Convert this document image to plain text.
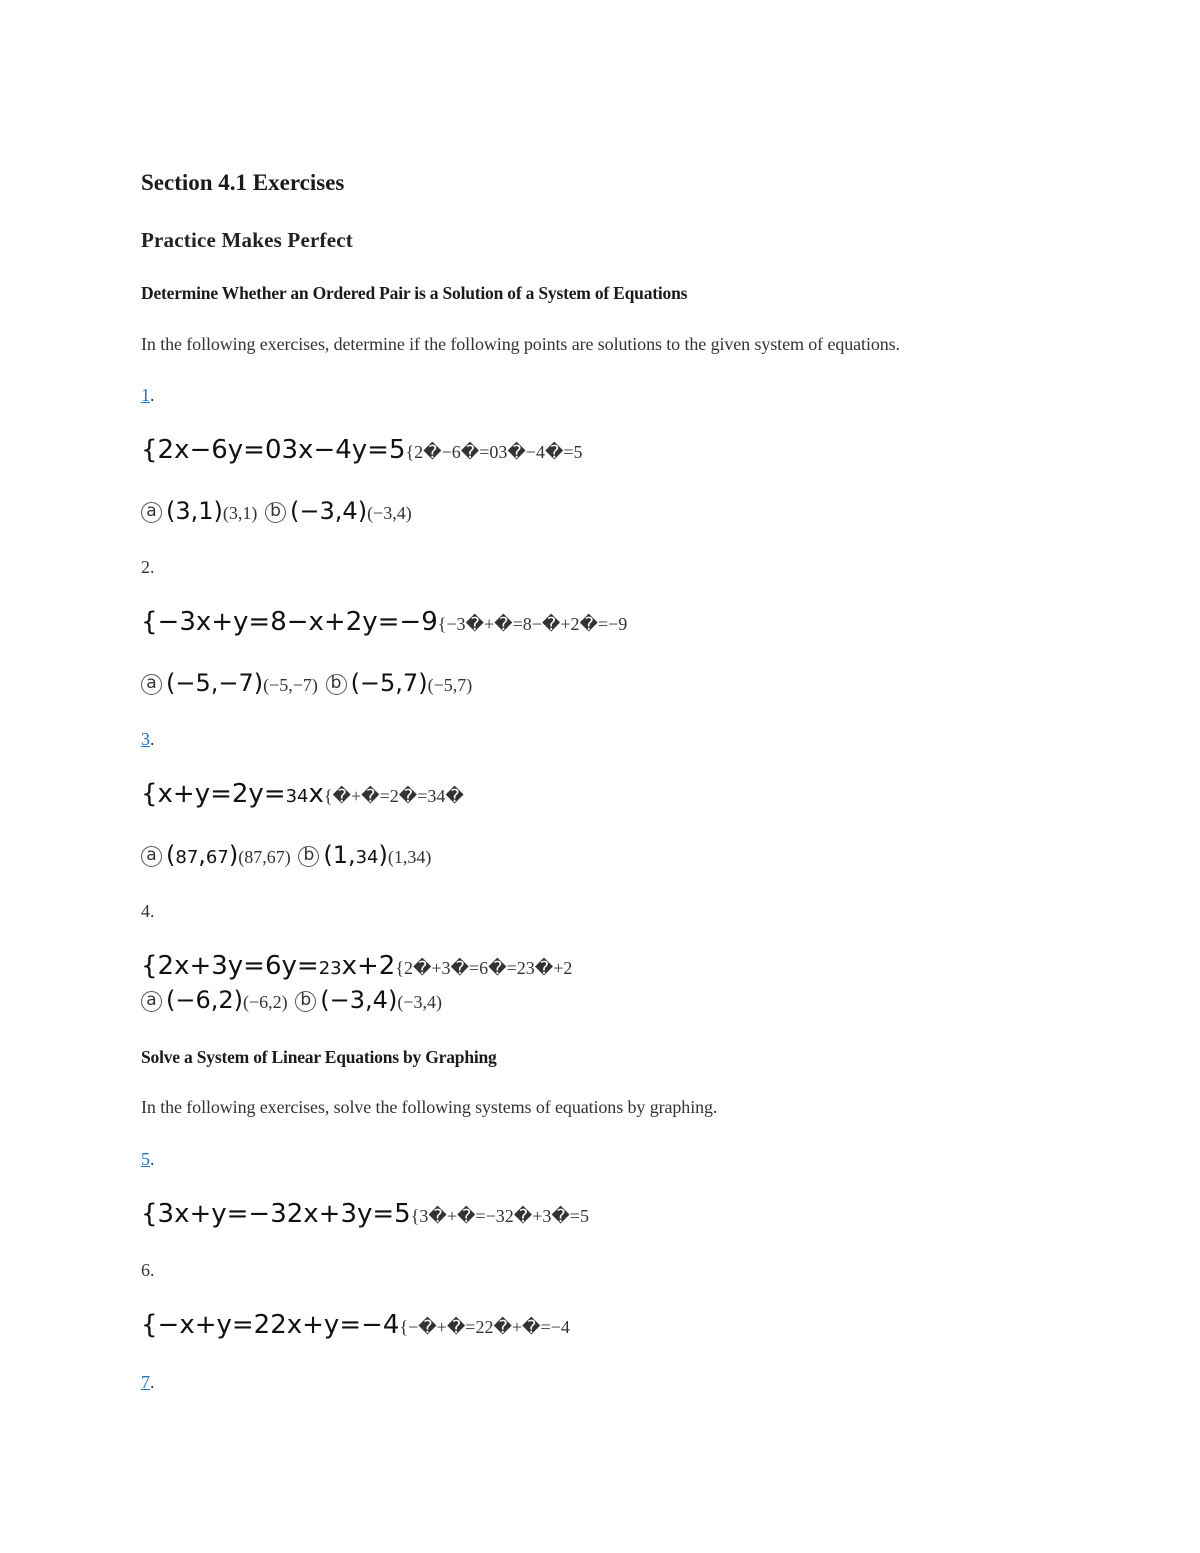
Section 4.1 Exercises
Practice Makes Perfect
Determine Whether an Ordered Pair is a Solution of a System of Equations
In the following exercises, determine if the following points are solutions to the given system of equations.
1.
{2x−6y=03x−4y=5{2�−6�=03�−4�=5
a (3,1)(3,1) b (−3,4)(−3,4)
2.
{−3x+y=8−x+2y=−9{−3�+�=8−�+2�=−9
a (−5,−7)(−5,−7) b (−5,7)(−5,7)
3.
{x+y=2y=34x{�+�=2�=34�
a (87,67)(87,67) b (1,34)(1,34)
4.
{2x+3y=6y=23x+2{2�+3�=6�=23�+2
a (−6,2)(−6,2) b (−3,4)(−3,4)
Solve a System of Linear Equations by Graphing
In the following exercises, solve the following systems of equations by graphing.
5.
{3x+y=−32x+3y=5{3�+�=−32�+3�=5
6.
{−x+y=22x+y=−4{−�+�=22�+�=−4
7.
